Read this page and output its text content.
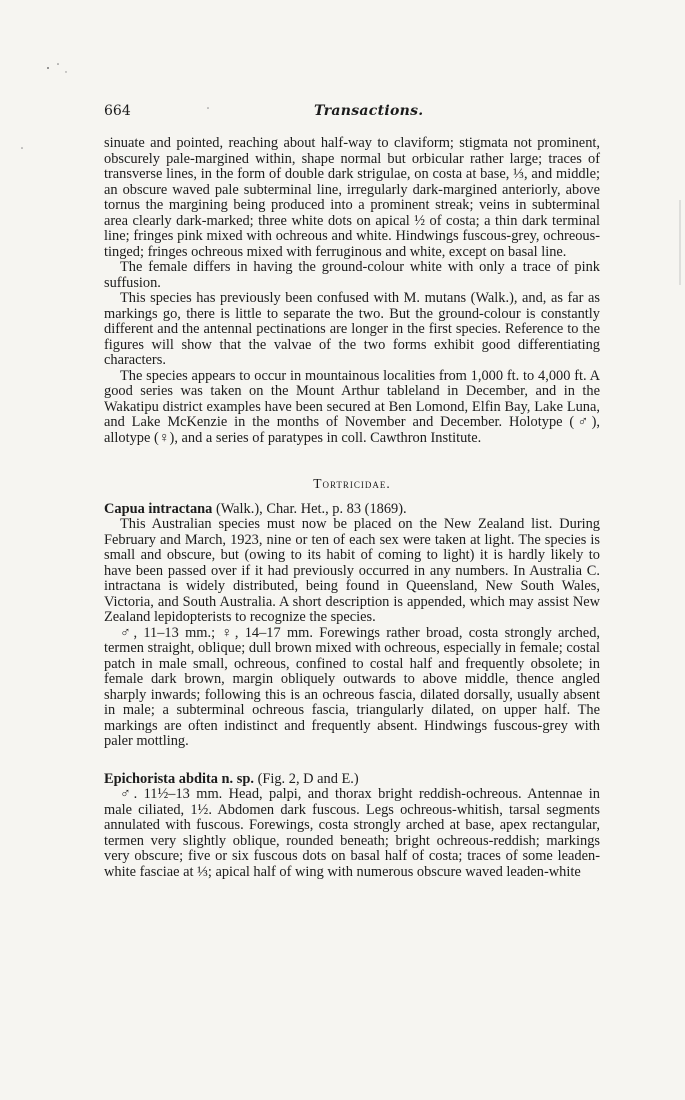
664	Transactions.

sinuate and pointed, reaching about half-way to claviform; stigmata not prominent, obscurely pale-margined within, shape normal but orbicular rather large; traces of transverse lines, in the form of double dark strigulae, on costa at base, ⅓, and middle; an obscure waved pale subterminal line, irregularly dark-margined anteriorly, above tornus the margining being produced into a prominent streak; veins in subterminal area clearly dark-marked; three white dots on apical ½ of costa; a thin dark terminal line; fringes pink mixed with ochreous and white. Hindwings fuscous-grey, ochreous-tinged; fringes ochreous mixed with ferruginous and white, except on basal line.

The female differs in having the ground-colour white with only a trace of pink suffusion.

This species has previously been confused with M. mutans (Walk.), and, as far as markings go, there is little to separate the two. But the ground-colour is constantly different and the antennal pectinations are longer in the first species. Reference to the figures will show that the valvae of the two forms exhibit good differentiating characters.

The species appears to occur in mountainous localities from 1,000 ft. to 4,000 ft. A good series was taken on the Mount Arthur tableland in December, and in the Wakatipu district examples have been secured at Ben Lomond, Elfin Bay, Lake Luna, and Lake McKenzie in the months of November and December. Holotype (♂), allotype (♀), and a series of paratypes in coll. Cawthron Institute.

Tortricidae.

Capua intractana (Walk.), Char. Het., p. 83 (1869).

This Australian species must now be placed on the New Zealand list. During February and March, 1923, nine or ten of each sex were taken at light. The species is small and obscure, but (owing to its habit of coming to light) it is hardly likely to have been passed over if it had previously occurred in any numbers. In Australia C. intractana is widely distributed, being found in Queensland, New South Wales, Victoria, and South Australia. A short description is appended, which may assist New Zealand lepidopterists to recognize the species.

♂, 11–13 mm.; ♀, 14–17 mm. Forewings rather broad, costa strongly arched, termen straight, oblique; dull brown mixed with ochreous, especially in female; costal patch in male small, ochreous, confined to costal half and frequently obsolete; in female dark brown, margin obliquely outwards to above middle, thence angled sharply inwards; following this is an ochreous fascia, dilated dorsally, usually absent in male; a subterminal ochreous fascia, triangularly dilated, on upper half. The markings are often indistinct and frequently absent. Hindwings fuscous-grey with paler mottling.

Epichorista abdita n. sp. (Fig. 2, D and E.)

♂. 11½–13 mm. Head, palpi, and thorax bright reddish-ochreous. Antennae in male ciliated, 1½. Abdomen dark fuscous. Legs ochreous-whitish, tarsal segments annulated with fuscous. Forewings, costa strongly arched at base, apex rectangular, termen very slightly oblique, rounded beneath; bright ochreous-reddish; markings very obscure; five or six fuscous dots on basal half of costa; traces of some leaden-white fasciae at ⅓; apical half of wing with numerous obscure waved leaden-white
